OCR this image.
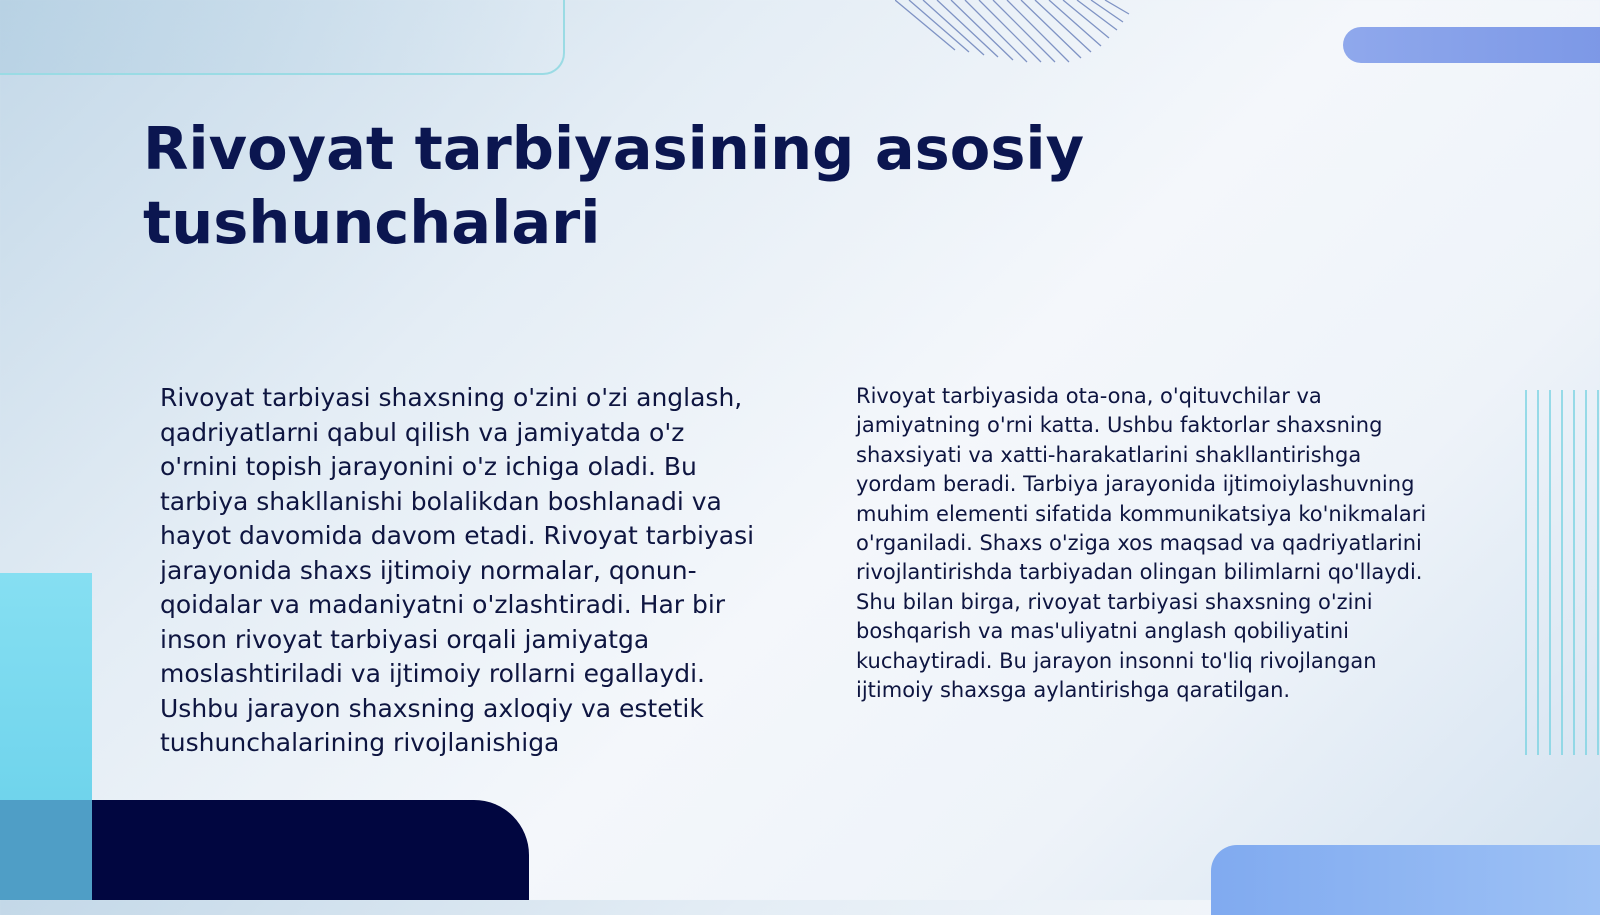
Rivoyat tarbiyasining asosiy tushunchalari

Rivoyat tarbiyasi shaxsning o'zini o'zi anglash, qadriyatlarni qabul qilish va jamiyatda o'z o'rnini topish jarayonini o'z ichiga oladi. Bu tarbiya shakllanishi bolalikdan boshlanadi va hayot davomida davom etadi. Rivoyat tarbiyasi jarayonida shaxs ijtimoiy normalar, qonun-qoidalar va madaniyatni o'zlashtiradi. Har bir inson rivoyat tarbiyasi orqali jamiyatga moslashtiriladi va ijtimoiy rollarni egallaydi. Ushbu jarayon shaxsning axloqiy va estetik tushunchalarining rivojlanishiga

Rivoyat tarbiyasida ota-ona, o'qituvchilar va jamiyatning o'rni katta. Ushbu faktorlar shaxsning shaxsiyati va xatti-harakatlarini shakllantirishga yordam beradi. Tarbiya jarayonida ijtimoiylashuvning muhim elementi sifatida kommunikatsiya ko'nikmalari o'rganiladi. Shaxs o'ziga xos maqsad va qadriyatlarini rivojlantirishda tarbiyadan olingan bilimlarni qo'llaydi. Shu bilan birga, rivoyat tarbiyasi shaxsning o'zini boshqarish va mas'uliyatni anglash qobiliyatini kuchaytiradi. Bu jarayon insonni to'liq rivojlangan ijtimoiy shaxsga aylantirishga qaratilgan.
